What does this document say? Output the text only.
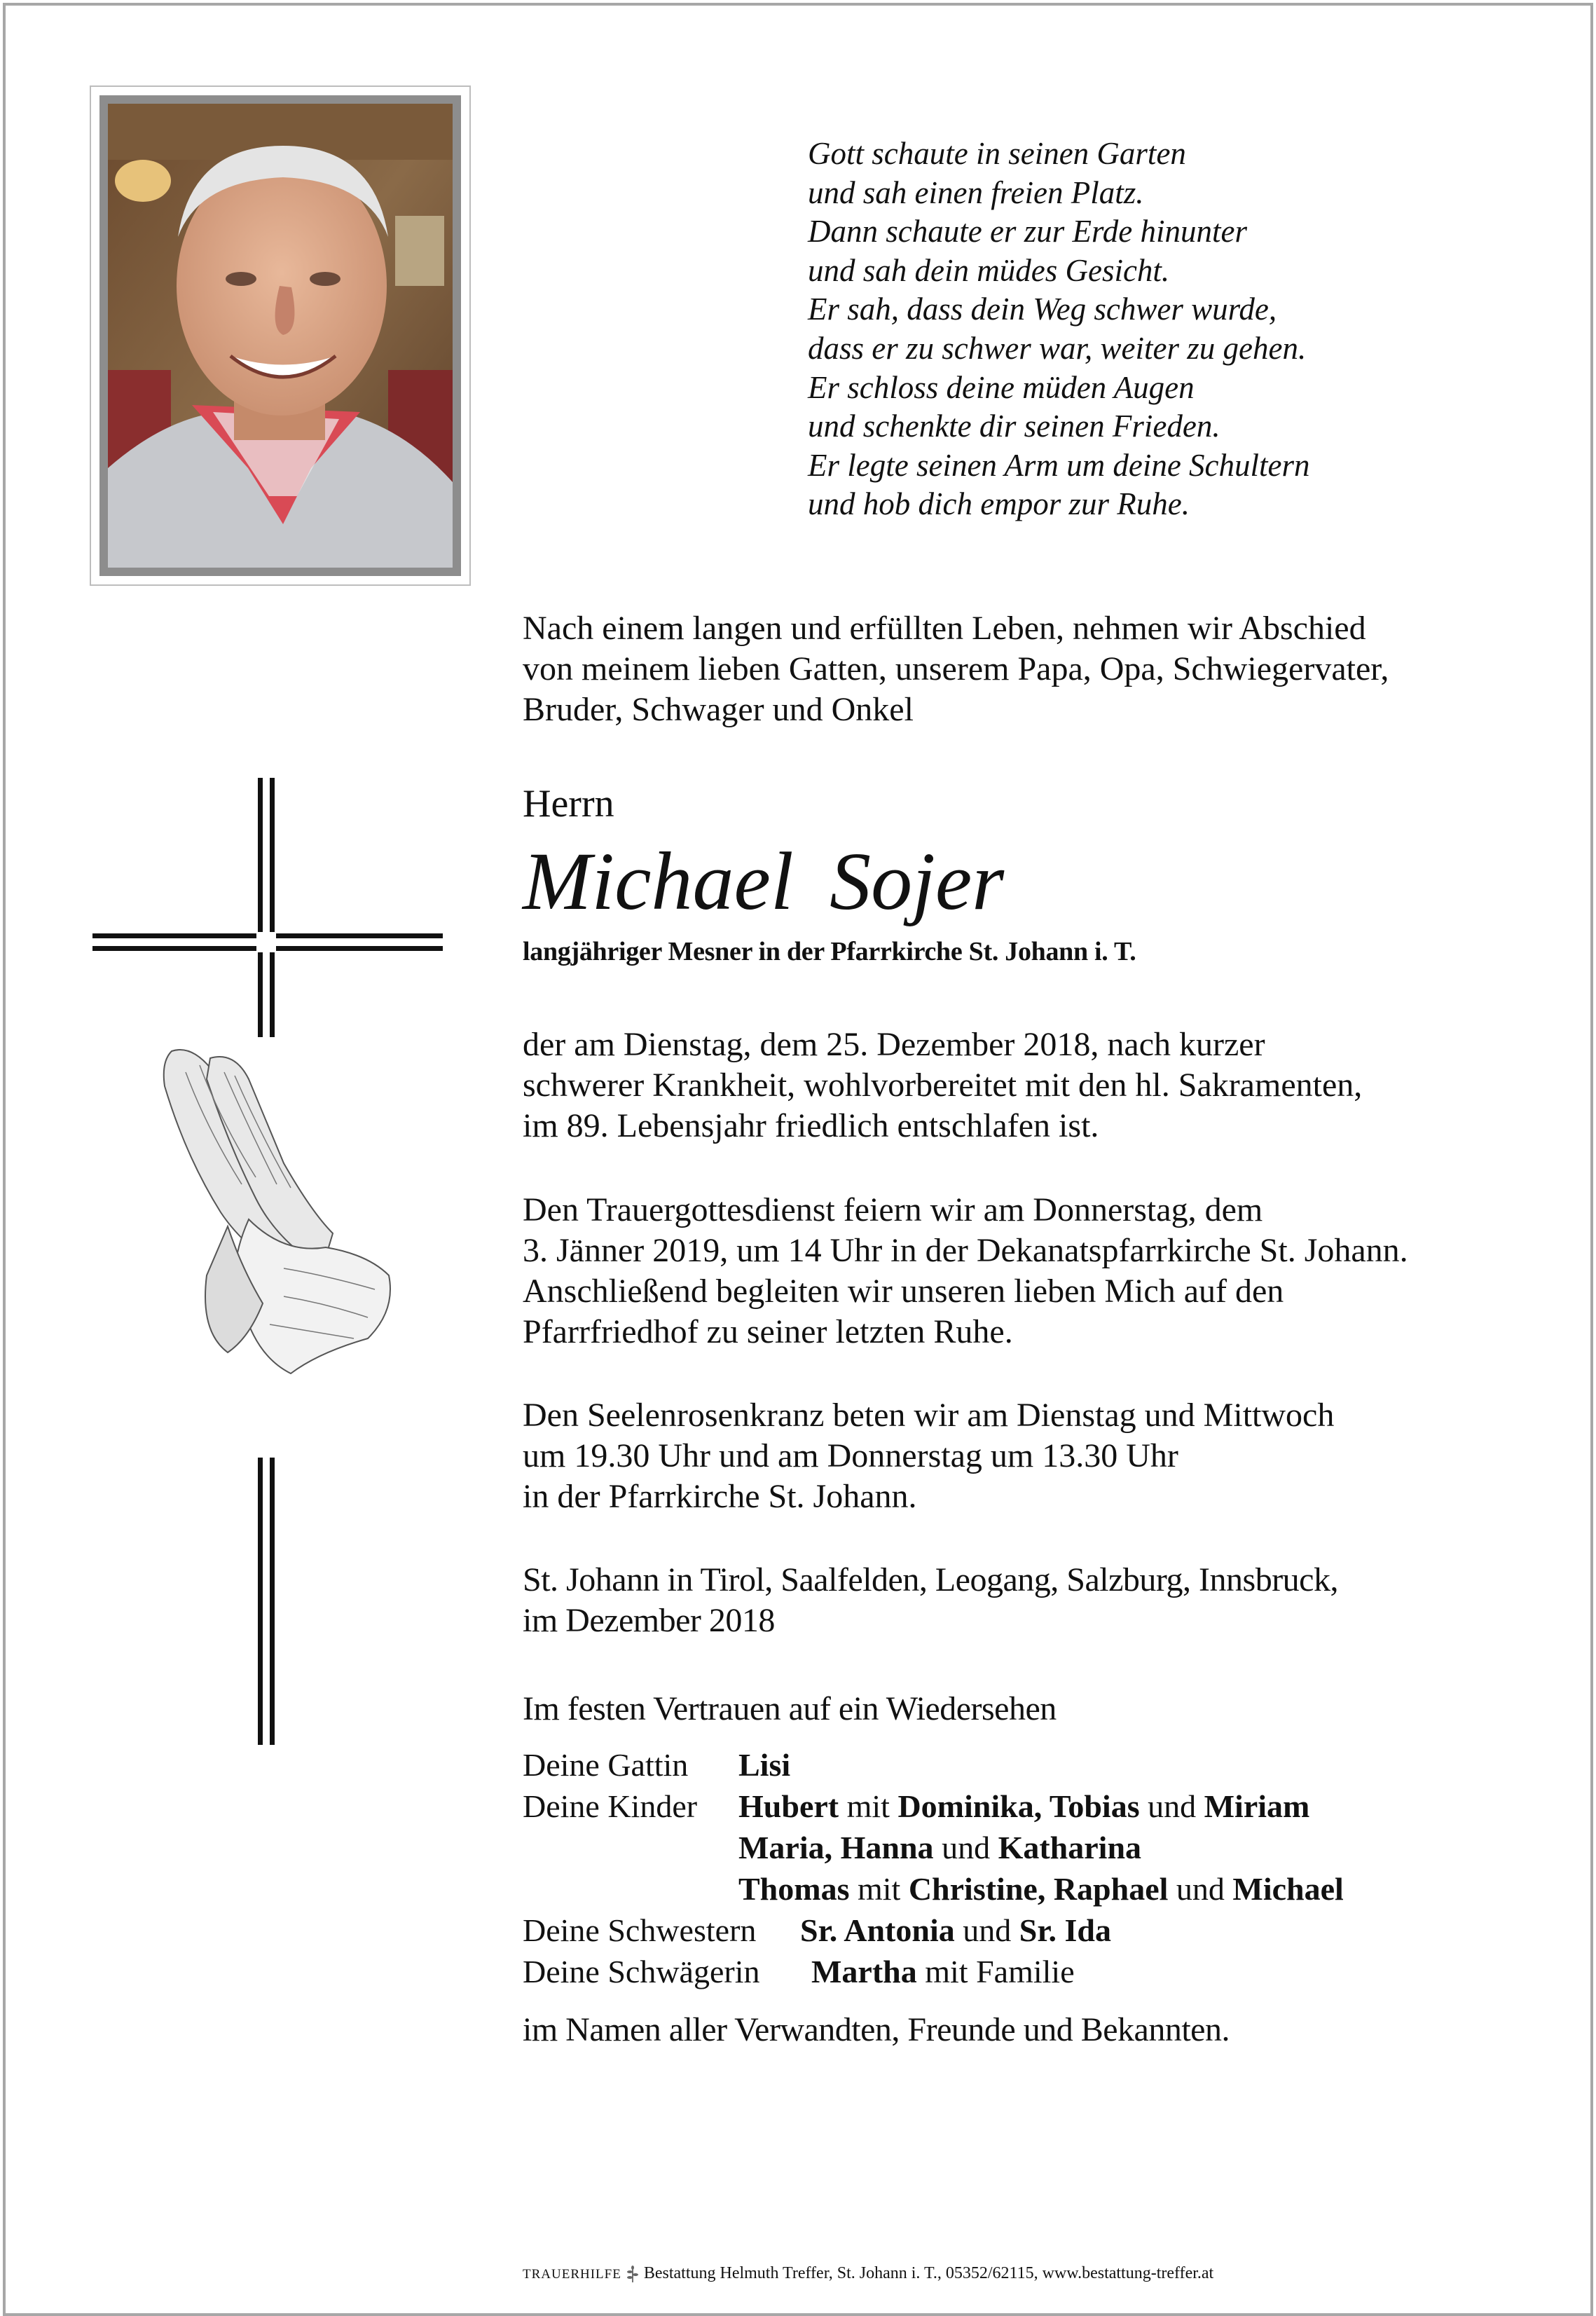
Gott schaute in seinen Garten
und sah einen freien Platz.
Dann schaute er zur Erde hinunter
und sah dein müdes Gesicht.
Er sah, dass dein Weg schwer wurde,
dass er zu schwer war, weiter zu gehen.
Er schloss deine müden Augen
und schenkte dir seinen Frieden.
Er legte seinen Arm um deine Schultern
und hob dich empor zur Ruhe.
Nach einem langen und erfüllten Leben, nehmen wir Abschied
von meinem lieben Gatten, unserem Papa, Opa, Schwiegervater,
Bruder, Schwager und Onkel
Herrn
Michael Sojer
langjähriger Mesner in der Pfarrkirche St. Johann i. T.
der am Dienstag, dem 25. Dezember 2018, nach kurzer
schwerer Krankheit, wohlvorbereitet mit den hl. Sakramenten,
im 89. Lebensjahr friedlich entschlafen ist.
Den Trauergottesdienst feiern wir am Donnerstag, dem
3. Jänner 2019, um 14 Uhr in der Dekanatspfarrkirche St. Johann.
Anschließend begleiten wir unseren lieben Mich auf den
Pfarrfriedhof zu seiner letzten Ruhe.
Den Seelenrosenkranz beten wir am Dienstag und Mittwoch
um 19.30 Uhr und am Donnerstag um 13.30 Uhr
in der Pfarrkirche St. Johann.
St. Johann in Tirol, Saalfelden, Leogang, Salzburg, Innsbruck,
im Dezember 2018
Im festen Vertrauen auf ein Wiedersehen
Deine Gattin Lisi
Deine Kinder Hubert mit Dominika, Tobias und Miriam
Maria, Hanna und Katharina
Thomas mit Christine, Raphael und Michael
Deine Schwestern Sr. Antonia und Sr. Ida
Deine Schwägerin Martha mit Familie
im Namen aller Verwandten, Freunde und Bekannten.
TRAUERHILFE Bestattung Helmuth Treffer, St. Johann i. T., 05352/62115, www.bestattung-treffer.at
